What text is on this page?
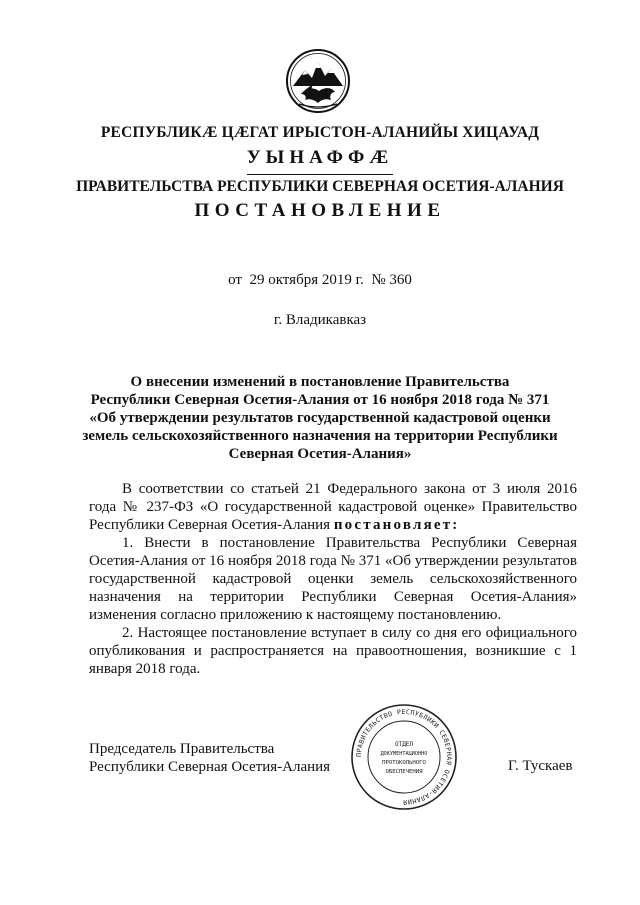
РЕСПУБЛИКӔ ЦӔГАТ ИРЫСТОН-АЛАНИЙЫ ХИЦАУАД
УЫНАФФӔ
ПРАВИТЕЛЬСТВА РЕСПУБЛИКИ СЕВЕРНАЯ ОСЕТИЯ-АЛАНИЯ
ПОСТАНОВЛЕНИЕ
от 29 октября 2019 г. № 360
г. Владикавказ
О внесении изменений в постановление Правительства
Республики Северная Осетия-Алания от 16 ноября 2018 года № 371
«Об утверждении результатов государственной кадастровой оценки
земель сельскохозяйственного назначения на территории Республики
Северная Осетия-Алания»

В соответствии со статьей 21 Федерального закона от 3 июля 2016 года № 237-ФЗ «О государственной кадастровой оценке» Правительство Республики Северная Осетия-Алания постановляет:

1. Внести в постановление Правительства Республики Северная Осетия-Алания от 16 ноября 2018 года № 371 «Об утверждении результатов государственной кадастровой оценки земель сельскохозяйственного назначения на территории Республики Северная Осетия-Алания» изменения согласно приложению к настоящему постановлению.

2. Настоящее постановление вступает в силу со дня его официального опубликования и распространяется на правоотношения, возникшие с 1 января 2018 года.

Председатель Правительства
Республики Северная Осетия-Алания
ПРАВИТЕЛЬСТВО РЕСПУБЛИКИ СЕВЕРНАЯ ОСЕТИЯ-АЛАНИЯ
ОТДЕЛ
ДОКУМЕНТАЦИОННО
ПРОТОКОЛЬНОГО
ОБЕСПЕЧЕНИЯ	Г. Тускаев
